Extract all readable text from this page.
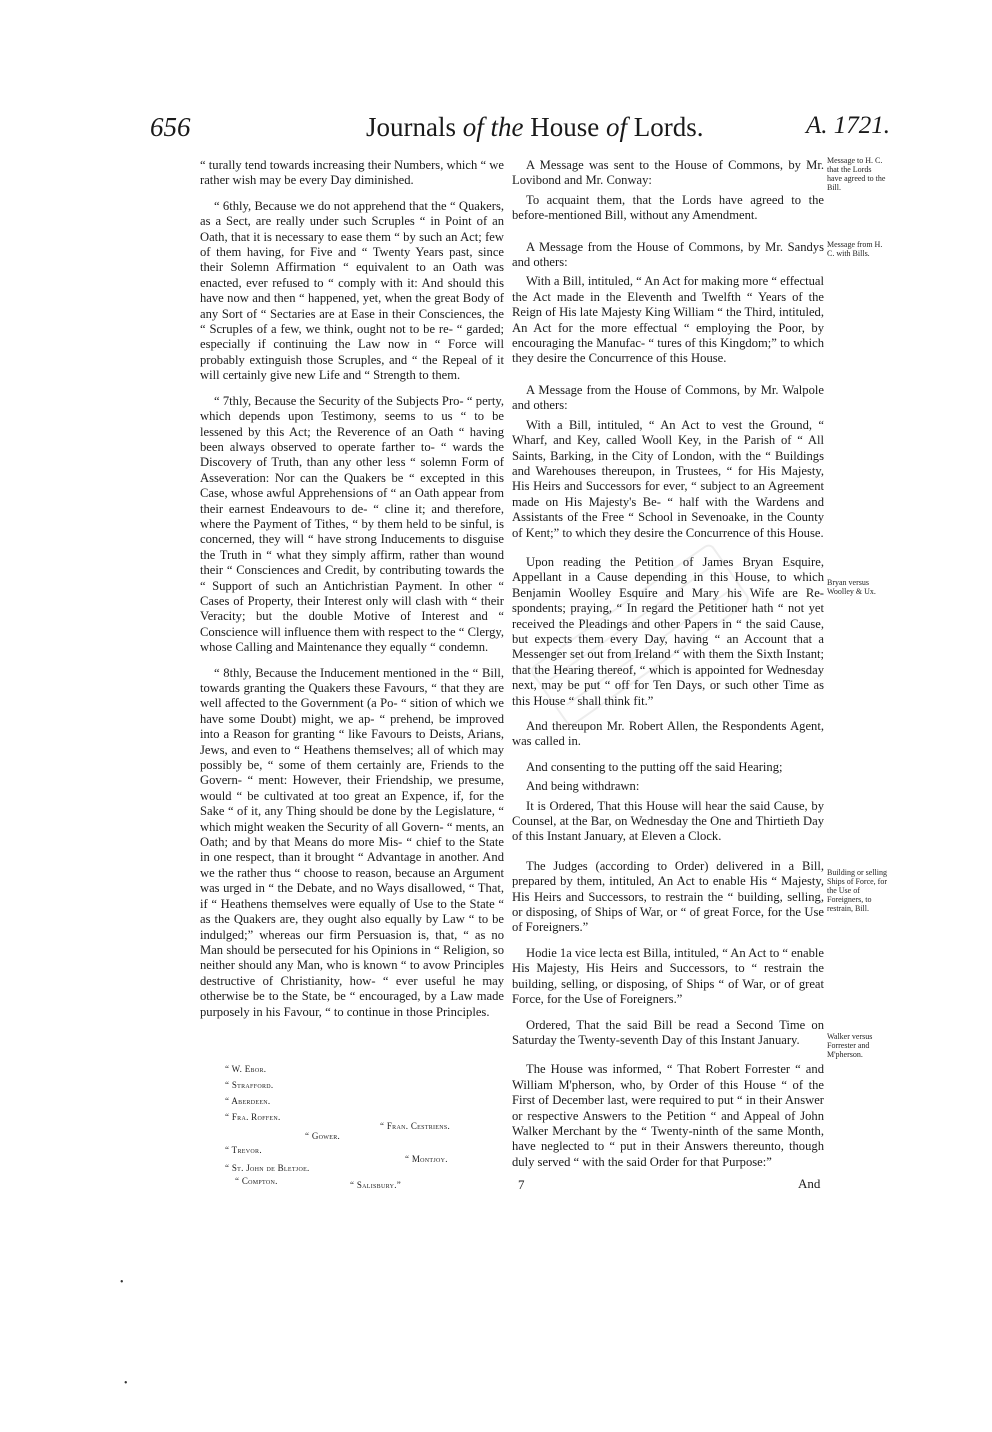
656	Journals of the House of Lords.	A. 1721.

“ turally tend towards increasing their Numbers, which “ we rather wish may be every Day diminished.

“ 6thly, Because we do not apprehend that the “ Quakers, as a Sect, are really under such Scruples “ in Point of an Oath, that it is necessary to ease them “ by such an Act; few of them having, for Five and “ Twenty Years past, since their Solemn Affirmation “ equivalent to an Oath was enacted, ever refused to “ comply with it: And should this have now and then “ happened, yet, when the great Body of any Sort of “ Sectaries are at Ease in their Consciences, the “ Scruples of a few, we think, ought not to be re- “ garded; especially if continuing the Law now in “ Force will probably extinguish those Scruples, and “ the Repeal of it will certainly give new Life and “ Strength to them.

“ 7thly, Because the Security of the Subjects Pro- “ perty, which depends upon Testimony, seems to us “ to be lessened by this Act; the Reverence of an Oath “ having been always observed to operate farther to- “ wards the Discovery of Truth, than any other less “ solemn Form of Asseveration: Nor can the Quakers be “ excepted in this Case, whose awful Apprehensions of “ an Oath appear from their earnest Endeavours to de- “ cline it; and therefore, where the Payment of Tithes, “ by them held to be sinful, is concerned, they will “ have strong Inducements to disguise the Truth in “ what they simply affirm, rather than wound their “ Consciences and Credit, by contributing towards the “ Support of such an Antichristian Payment. In other “ Cases of Property, their Interest only will clash with “ their Veracity; but the double Motive of Interest and “ Conscience will influence them with respect to the “ Clergy, whose Calling and Maintenance they equally “ condemn.

“ 8thly, Because the Inducement mentioned in the “ Bill, towards granting the Quakers these Favours, “ that they are well affected to the Government (a Po- “ sition of which we have some Doubt) might, we ap- “ prehend, be improved into a Reason for granting “ like Favours to Deists, Arians, Jews, and even to “ Heathens themselves; all of which may possibly be, “ some of them certainly are, Friends to the Govern- “ ment: However, their Friendship, we presume, would “ be cultivated at too great an Expence, if, for the Sake “ of it, any Thing should be done by the Legislature, “ which might weaken the Security of all Govern- “ ments, an Oath; and by that Means do more Mis- “ chief to the State in one respect, than it brought “ Advantage in another. And we the rather thus “ choose to reason, because an Argument was urged in “ the Debate, and no Ways disallowed, “ That, if “ Heathens themselves were equally of Use to the State “ as the Quakers are, they ought also equally by Law “ to be indulged;” whereas our firm Persuasion is, that, “ as no Man should be persecuted for his Opinions in “ Religion, so neither should any Man, who is known “ to avow Principles destructive of Christianity, how- “ ever useful he may otherwise be to the State, be “ encouraged, by a Law made purposely in his Favour, “ to continue in those Principles.

“ W. Ebor.
“ Strafford.
“ Aberdeen.
“ Fra. Roffen.
“ Fran. Cestriens.
“ Gower.
“ Trevor.
“ Montjoy.
“ St. John de Bletjoe.
“ Compton.	“ Salisbury.”

A Message was sent to the House of Commons, by Mr. Lovibond and Mr. Conway:

To acquaint them, that the Lords have agreed to the before-mentioned Bill, without any Amendment.

A Message from the House of Commons, by Mr. Sandys and others:

With a Bill, intituled, “ An Act for making more “ effectual the Act made in the Eleventh and Twelfth “ Years of the Reign of His late Majesty King William “ the Third, intituled, An Act for the more effectual “ employing the Poor, by encouraging the Manufac- “ tures of this Kingdom;” to which they desire the Concurrence of this House.

A Message from the House of Commons, by Mr. Walpole and others:

With a Bill, intituled, “ An Act to vest the Ground, “ Wharf, and Key, called Wooll Key, in the Parish of “ All Saints, Barking, in the City of London, with the “ Buildings and Warehouses thereupon, in Trustees, “ for His Majesty, His Heirs and Successors for ever, “ subject to an Agreement made on His Majesty's Be- “ half with the Wardens and Assistants of the Free “ School in Sevenoake, in the County of Kent;” to which they desire the Concurrence of this House.

Upon reading the Petition of James Bryan Esquire, Appellant in a Cause depending in this House, to which Benjamin Woolley Esquire and Mary his Wife are Re- spondents; praying, “ In regard the Petitioner hath “ not yet received the Pleadings and other Papers in “ the said Cause, but expects them every Day, having “ an Account that a Messenger set out from Ireland “ with them the Sixth Instant; that the Hearing thereof, “ which is appointed for Wednesday next, may be put “ off for Ten Days, or such other Time as this House “ shall think fit.”

And thereupon Mr. Robert Allen, the Respondents Agent, was called in.

And consenting to the putting off the said Hearing;

And being withdrawn:

It is Ordered, That this House will hear the said Cause, by Counsel, at the Bar, on Wednesday the One and Thirtieth Day of this Instant January, at Eleven a Clock.

The Judges (according to Order) delivered in a Bill, prepared by them, intituled, An Act to enable His “ Majesty, His Heirs and Successors, to restrain the “ building, selling, or disposing, of Ships of War, or “ of great Force, for the Use of Foreigners.”

Hodie 1a vice lecta est Billa, intituled, “ An Act to “ enable His Majesty, His Heirs and Successors, to “ restrain the building, selling, or disposing, of Ships “ of War, or of great Force, for the Use of Foreigners.”

Ordered, That the said Bill be read a Second Time on Saturday the Twenty-seventh Day of this Instant January.

The House was informed, “ That Robert Forrester “ and William M'pherson, who, by Order of this House “ of the First of December last, were required to put “ in their Answer or respective Answers to the Petition “ and Appeal of John Walker Merchant by the “ Twenty-ninth of the same Month, have neglected to “ put in their Answers thereunto, though duly served “ with the said Order for that Purpose:”

Message to H. C. that the Lords have agreed to the Bill.
Message from H. C. with Bills.
Bryan versus Woolley & Ux.
Building or selling Ships of Force, for the Use of Foreigners, to restrain, Bill.
Walker versus Forrester and M'pherson.
7	And
•
•
